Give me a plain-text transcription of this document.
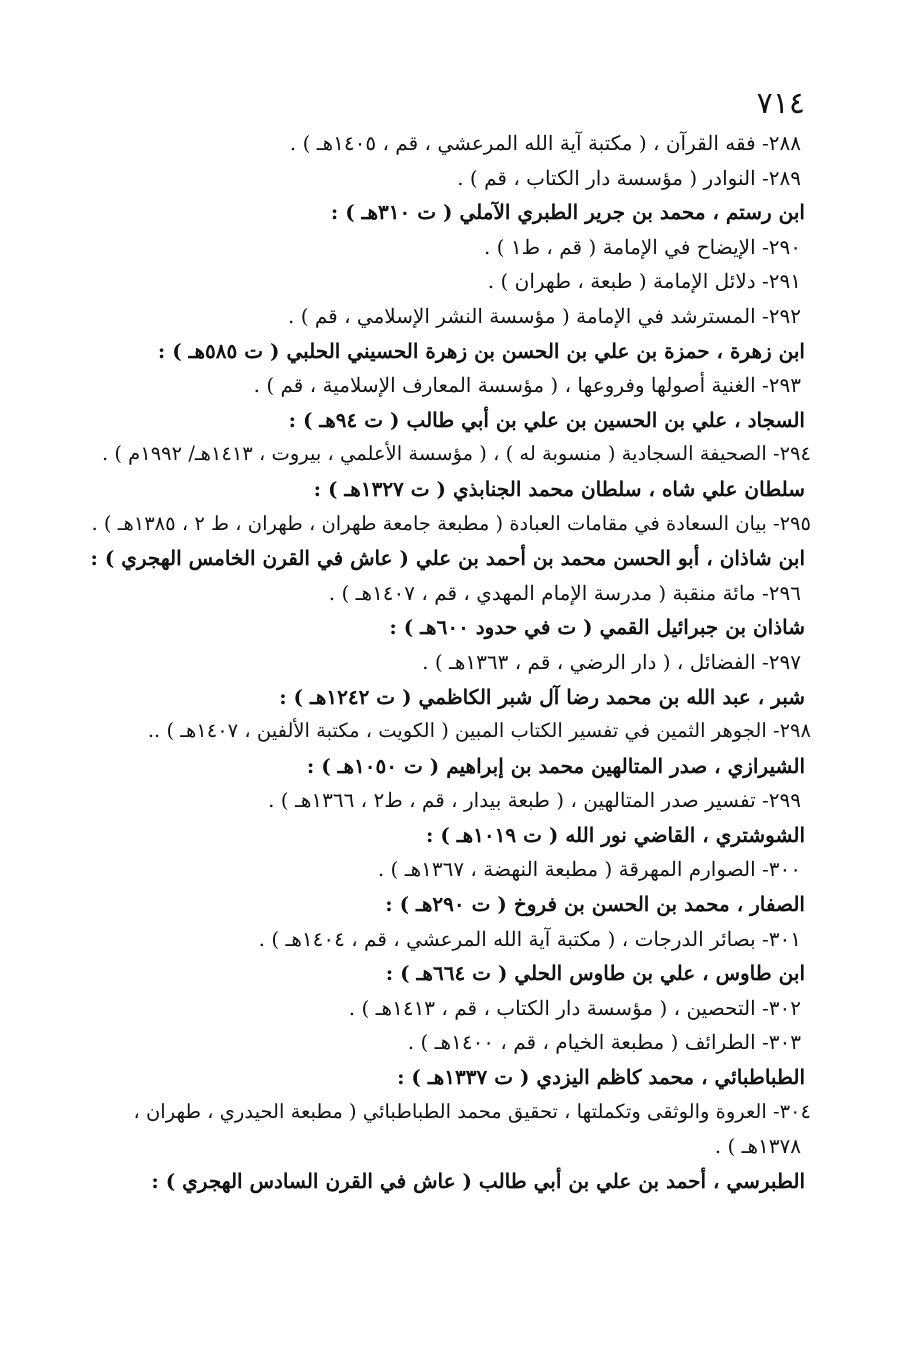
٧١٤
٢٨٨- فقه القرآن ، ( مكتبة آية الله المرعشي ، قم ، ١٤٠٥هـ ) .
٢٨٩- النوادر ( مؤسسة دار الكتاب ، قم ) .
ابن رستم ، محمد بن جرير الطبري الآملي ( ت ٣١٠هـ ) :
٢٩٠- الإيضاح في الإمامة ( قم ، ط١ ) .
٢٩١- دلائل الإمامة ( طبعة ، طهران ) .
٢٩٢- المسترشد في الإمامة ( مؤسسة النشر الإسلامي ، قم ) .
ابن زهرة ، حمزة بن علي بن الحسن بن زهرة الحسيني الحلبي ( ت ٥٨٥هـ ) :
٢٩٣- الغنية أصولها وفروعها ، ( مؤسسة المعارف الإسلامية ، قم ) .
السجاد ، علي بن الحسين بن علي بن أبي طالب ( ت ٩٤هـ ) :
٢٩٤- الصحيفة السجادية ( منسوبة له ) ، ( مؤسسة الأعلمي ، بيروت ، ١٤١٣هـ/ ١٩٩٢م ) .
سلطان علي شاه ، سلطان محمد الجنابذي ( ت ١٣٢٧هـ ) :
٢٩٥- بيان السعادة في مقامات العبادة ( مطبعة جامعة طهران ، طهران ، ط ٢ ، ١٣٨٥هـ ) .
ابن شاذان ، أبو الحسن محمد بن أحمد بن علي ( عاش في القرن الخامس الهجري ) :
٢٩٦- مائة منقبة ( مدرسة الإمام المهدي ، قم ، ١٤٠٧هـ ) .
شاذان بن جبرائيل القمي ( ت في حدود ٦٠٠هـ ) :
٢٩٧- الفضائل ، ( دار الرضي ، قم ، ١٣٦٣هـ ) .
شبر ، عبد الله بن محمد رضا آل شبر الكاظمي ( ت ١٢٤٢هـ ) :
٢٩٨- الجوهر الثمين في تفسير الكتاب المبين ( الكويت ، مكتبة الألفين ، ١٤٠٧هـ ) ..
الشيرازي ، صدر المتالهين محمد بن إبراهيم ( ت ١٠٥٠هـ ) :
٢٩٩- تفسير صدر المتالهين ، ( طبعة بيدار ، قم ، ط٢ ، ١٣٦٦هـ ) .
الشوشتري ، القاضي نور الله ( ت ١٠١٩هـ ) :
٣٠٠- الصوارم المهرقة ( مطبعة النهضة ، ١٣٦٧هـ ) .
الصفار ، محمد بن الحسن بن فروخ ( ت ٢٩٠هـ ) :
٣٠١- بصائر الدرجات ، ( مكتبة آية الله المرعشي ، قم ، ١٤٠٤هـ ) .
ابن طاوس ، علي بن طاوس الحلي ( ت ٦٦٤هـ ) :
٣٠٢- التحصين ، ( مؤسسة دار الكتاب ، قم ، ١٤١٣هـ ) .
٣٠٣- الطرائف ( مطبعة الخيام ، قم ، ١٤٠٠هـ ) .
الطباطبائي ، محمد كاظم اليزدي ( ت ١٣٣٧هـ ) :
٣٠٤- العروة والوثقى وتكملتها ، تحقيق محمد الطباطبائي ( مطبعة الحيدري ، طهران ،
١٣٧٨هـ ) .
الطبرسي ، أحمد بن علي بن أبي طالب ( عاش في القرن السادس الهجري ) :
